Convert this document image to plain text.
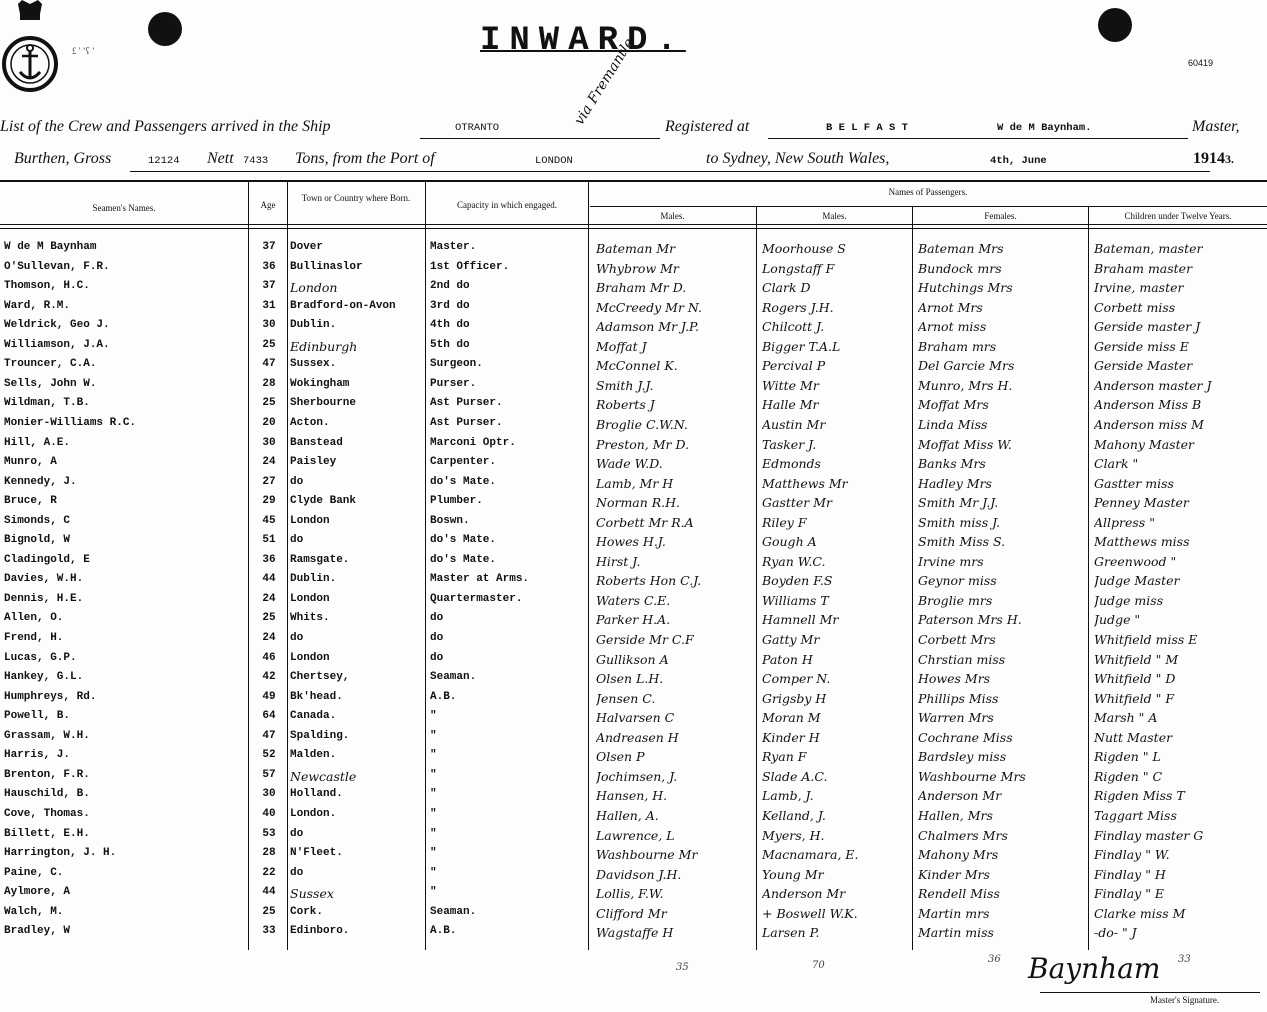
£ ' ’ʕ ’	INWARD.
60419
List of the Crew and Passengers arrived in the Ship	OTRANTO	Registered at	B E L F A S T	W de M Baynham.	Master,
Burthen, Gross	12124 Nett 7433 Tons, from the Port of	LONDON
via Fremantle
to Sydney, New South Wales,	4th, June	19143.
Seamen's Names.	Age
Town or Country where Born.
Capacity in which engaged.
Names of Passengers.
Males.	Males.	Females.	Children under Twelve Years.
W de M Baynham	37	Dover	Master.	Bateman Mr	Moorhouse S	Bateman Mrs	Bateman, master
O'Sullevan, F.R.	36	Bullinaslor	1st Officer.	Whybrow Mr	Longstaff F	Bundock mrs	Braham master
Thomson, H.C.	37	London	2nd do	Braham Mr D.	Clark D	Hutchings Mrs	Irvine, master
Ward, R.M.	31	Bradford-on-Avon	3rd do	McCreedy Mr N.	Rogers J.H.	Arnot Mrs	Corbett miss
Weldrick, Geo J.	30	Dublin.	4th do	Adamson Mr J.P.	Chilcott J.	Arnot miss	Gerside master J
Williamson, J.A.	25	Edinburgh	5th do	Moffat J	Bigger T.A.L	Braham mrs	Gerside miss E
Trouncer, C.A.	47	Sussex.	Surgeon.	McConnel K.	Percival P	Del Garcie Mrs	Gerside Master
Sells, John W.	28	Wokingham	Purser.	Smith J.J.	Witte Mr	Munro, Mrs H.	Anderson master J
Wildman, T.B.	25	Sherbourne	Ast Purser.	Roberts J	Halle Mr	Moffat Mrs	Anderson Miss B
Monier-Williams R.C.	20	Acton.	Ast Purser.	Broglie C.W.N.	Austin Mr	Linda Miss	Anderson miss M
Hill, A.E.	30	Banstead	Marconi Optr.	Preston, Mr D.	Tasker J.	Moffat Miss W.	Mahony Master
Munro, A	24	Paisley	Carpenter.	Wade W.D.	Edmonds	Banks Mrs	Clark "
Kennedy, J.	27	do	do's Mate.	Lamb, Mr H	Matthews Mr	Hadley Mrs	Gastter miss
Bruce, R	29	Clyde Bank	Plumber.	Norman R.H.	Gastter Mr	Smith Mr J.J.	Penney Master
Simonds, C	45	London	Boswn.	Corbett Mr R.A	Riley F	Smith miss J.	Allpress "
Bignold, W	51	do	do's Mate.	Howes H.J.	Gough A	Smith Miss S.	Matthews miss
Cladingold, E	36	Ramsgate.	do's Mate.	Hirst J.	Ryan W.C.	Irvine mrs	Greenwood "
Davies, W.H.	44	Dublin.	Master at Arms.	Roberts Hon C.J.	Boyden F.S	Geynor miss	Judge Master
Dennis, H.E.	24	London	Quartermaster.	Waters C.E.	Williams T	Broglie mrs	Judge miss
Allen, O.	25	Whits.	do	Parker H.A.	Hamnell Mr	Paterson Mrs H.	Judge "
Frend, H.	24	do	do	Gerside Mr C.F	Gatty Mr	Corbett Mrs	Whitfield miss E
Lucas, G.P.	46	London	do	Gullikson A	Paton H	Chrstian miss	Whitfield " M
Hankey, G.L.	42	Chertsey,	Seaman.	Olsen L.H.	Comper N.	Howes Mrs	Whitfield " D
Humphreys, Rd.	49	Bk'head.	A.B.	Jensen C.	Grigsby H	Phillips Miss	Whitfield " F
Powell, B.	64	Canada.	"	Halvarsen C	Moran M	Warren Mrs	Marsh " A
Grassam, W.H.	47	Spalding.	"	Andreasen H	Kinder H	Cochrane Miss	Nutt Master
Harris, J.	52	Malden.	"	Olsen P	Ryan F	Bardsley miss	Rigden " L
Brenton, F.R.	57	Newcastle	"	Jochimsen, J.	Slade A.C.	Washbourne Mrs	Rigden " C
Hauschild, B.	30	Holland.	"	Hansen, H.	Lamb, J.	Anderson Mr	Rigden Miss T
Cove, Thomas.	40	London.	"	Hallen, A.	Kelland, J.	Hallen, Mrs	Taggart Miss
Billett, E.H.	53	do	"	Lawrence, L	Myers, H.	Chalmers Mrs	Findlay master G
Harrington, J. H.	28	N'Fleet.	"	Washbourne Mr	Macnamara, E.	Mahony Mrs	Findlay " W.
Paine, C.	22	do	"	Davidson J.H.	Young Mr	Kinder Mrs	Findlay " H
Aylmore, A	44	Sussex	"	Lollis, F.W.	Anderson Mr	Rendell Miss	Findlay " E
Walch, M.	25	Cork.	Seaman.	Clifford Mr	+ Boswell W.K.	Martin mrs	Clarke miss M
Bradley, W	33	Edinboro.	A.B.	Wagstaffe H	Larsen P.	Martin miss	-do- " J
35	70
36	33
Baynham
Master's Signature.
